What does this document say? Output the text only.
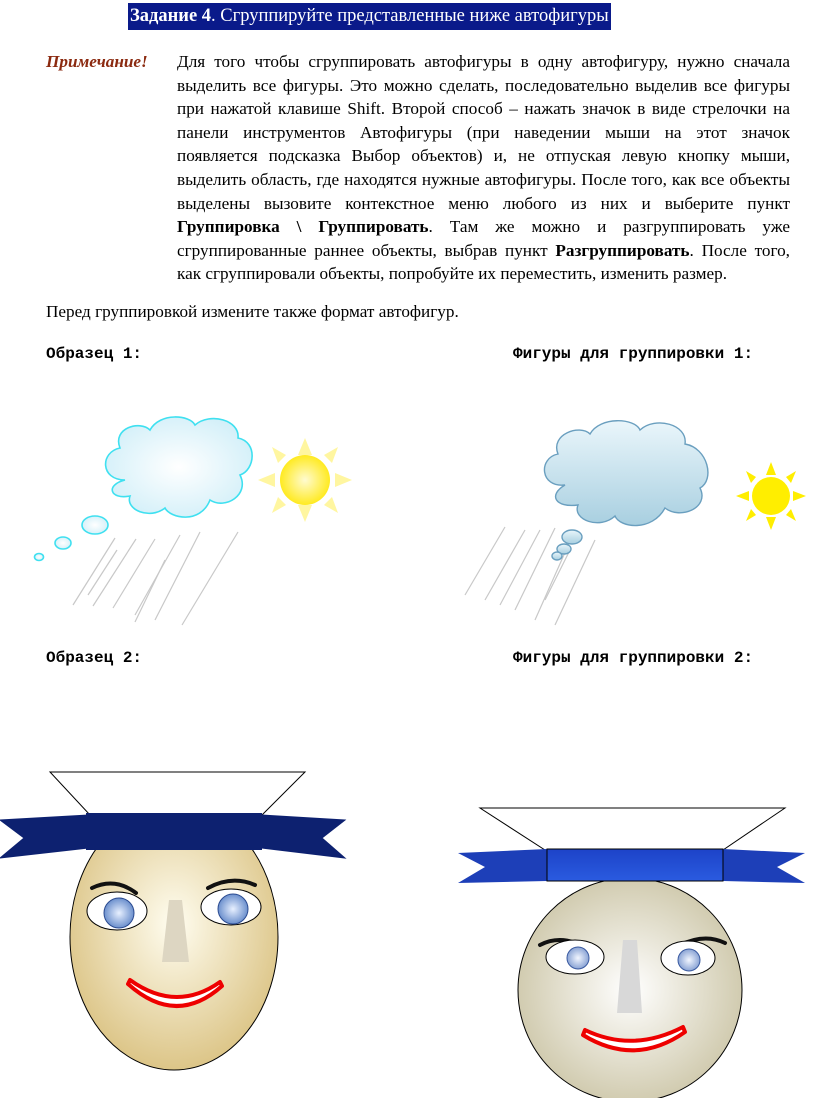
Задание 4. Сгруппируйте представленные ниже автофигуры
Примечание! Для того чтобы сгруппировать автофигуры в одну автофигуру, нужно сначала выделить все фигуры. Это можно сделать, последовательно выделив все фигуры при нажатой клавише Shift. Второй способ – нажать значок в виде стрелочки на панели инструментов Автофигуры (при наведении мыши на этот значок появляется подсказка Выбор объектов) и, не отпуская левую кнопку мыши, выделить область, где находятся нужные автофигуры. После того, как все объекты выделены вызовите контекстное меню любого из них и выберите пункт Группировка \ Группировать. Там же можно и разгруппировать уже сгруппированные раннее объекты, выбрав пункт Разгруппировать. После того, как сгруппировали объекты, попробуйте их переместить, изменить размер.
Перед группировкой измените также формат автофигур.
Образец 1:	Фигуры для группировки 1:
Образец 2:	Фигуры для группировки 2:
